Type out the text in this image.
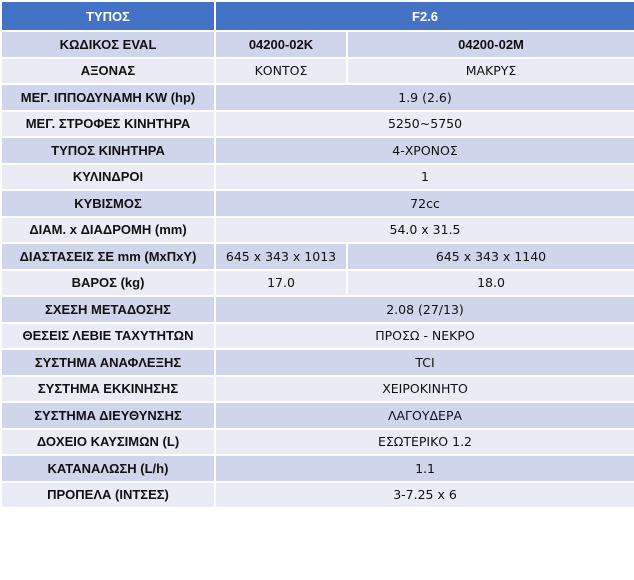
ΤΥΠΟΣ	F2.6	
ΚΩΔΙΚΟΣ EVAL	04200-02K	04200-02M
ΑΞΟΝΑΣ	ΚΟΝΤΟΣ	ΜΑΚΡΥΣ
ΜΕΓ. ΙΠΠΟΔΥΝΑΜΗ KW (hp)	1.9 (2.6)	
ΜΕΓ. ΣΤΡΟΦΕΣ ΚΙΝΗΤΗΡΑ	5250~5750	
ΤΥΠΟΣ ΚΙΝΗΤΗΡΑ	4-ΧΡΟΝΟΣ	
ΚΥΛΙΝΔΡΟΙ	1	
ΚΥΒΙΣΜΟΣ	72cc	
ΔΙΑΜ. x ΔΙΑΔΡΟΜΗ (mm)	54.0 x 31.5	
ΔΙΑΣΤΑΣΕΙΣ ΣΕ mm (ΜxΠxΥ)	645 x 343 x 1013	645 x 343 x 1140
ΒΑΡΟΣ (kg)	17.0	18.0
ΣΧΕΣΗ ΜΕΤΑΔΟΣΗΣ	2.08 (27/13)	
ΘΕΣΕΙΣ ΛΕΒΙΕ ΤΑΧΥΤΗΤΩΝ	ΠΡΟΣΩ - ΝΕΚΡΟ	
ΣΥΣΤΗΜΑ ΑΝΑΦΛΕΞΗΣ	TCI	
ΣΥΣΤΗΜΑ ΕΚΚΙΝΗΣΗΣ	ΧΕΙΡΟΚΙΝΗΤΟ	
ΣΥΣΤΗΜΑ ΔΙΕΥΘΥΝΣΗΣ	ΛΑΓΟΥΔΕΡΑ	
ΔΟΧΕΙΟ ΚΑΥΣΙΜΩΝ (L)	ΕΣΩΤΕΡΙΚΟ 1.2	
ΚΑΤΑΝΑΛΩΣΗ (L/h)	1.1	
ΠΡΟΠΕΛΑ (ΙΝΤΣΕΣ)	3-7.25 x 6	
